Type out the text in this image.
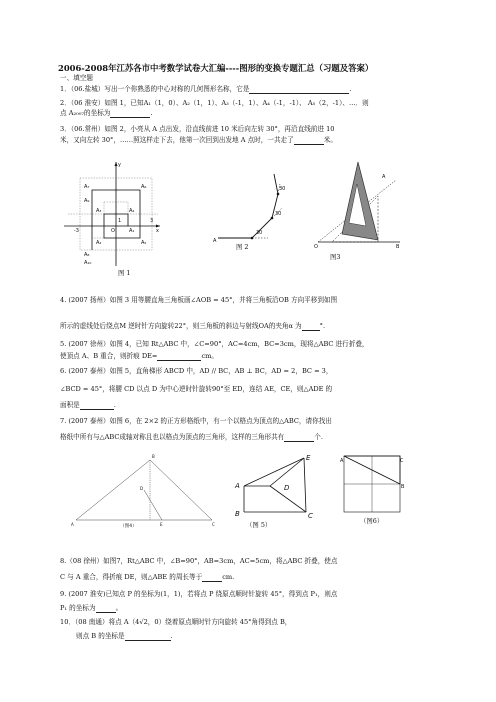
2006-2008年江苏各市中考数学试卷大汇编----图形的变换专题汇总（习题及答案）
一、填空题
1．（06.盐城）写出一个你熟悉的中心对称的几何图形名称，它是	.
2．（06 淮安）如图 1，已知A₁（1，0）、A₂（1，1）、A₃（-1，1）、A₄（-1，-1）、 A₅（2，-1）、…．则
点 A₂₀₀₇的坐标为	.
3．（06.常州）如图 2，小亮从 A 点出发，沿直线前进 10 米后向左转 30°，再沿直线前进 10
米，又向左转 30°，……照这样走下去，他第一次回到出发地 A 点时，一共走了	米。
y
x
A₁
A₂
A₃
A₄	A₅
A₆
A₇
A₈
A₉
A₁₀
O
-3
3
1
图 1
A
30
30
30
图 2	O
A
B
图3
4. (2007 扬州）如图 3 用等腰直角三角板画∠AOB = 45°，并将三角板沿OB 方向平移到如图
所示的虚线处后绕点M 逆时针方向旋转22°，则三角板的斜边与射线OA的夹角α 为	°.
5. (2007 徐州）如图 4，已知 Rt△ABC 中，∠C=90°，AC=4cm，BC=3cm，现将△ABC 进行折叠，
使顶点 A、B 重合，则折痕 DE=	cm。
6. (2007 泰州）如图 5，直角梯形 ABCD 中，AD // BC，AB ⊥ BC，AD = 2，BC = 3，
∠BCD = 45°，将腰 CD 以点 D 为中心逆时针旋转90°至 ED，连结 AE，CE，则△ADE 的
面积是	.
7. (2007 泰州）如图 6，在 2×2 的正方形格纸中，有一个以格点为顶点的△ABC，请你找出
格纸中所有与△ABC成轴对称且也以格点为顶点的三角形，这样的三角形共有	个.
B
D
A	E	C
（图4）
E
A	D
B	C
（图 5）
A	C
B
（图6）
8.（08 徐州）如图7，Rt△ABC 中，∠B=90°，AB=3cm，AC=5cm，将△ABC 折叠，使点
C 与 A 重合，得折痕 DE，则△ABE 的周长等于	cm.
9. (2007 淮安)已知点 P 的坐标为(1，1)，若将点 P 绕原点顺时针旋转 45°，得到点 P₁，则点
P₁ 的坐标为	。
10．（08 南通）将点 A（4√2，0）绕着原点顺时针方向旋转 45°角得到点 B，
则点 B 的坐标是	.
